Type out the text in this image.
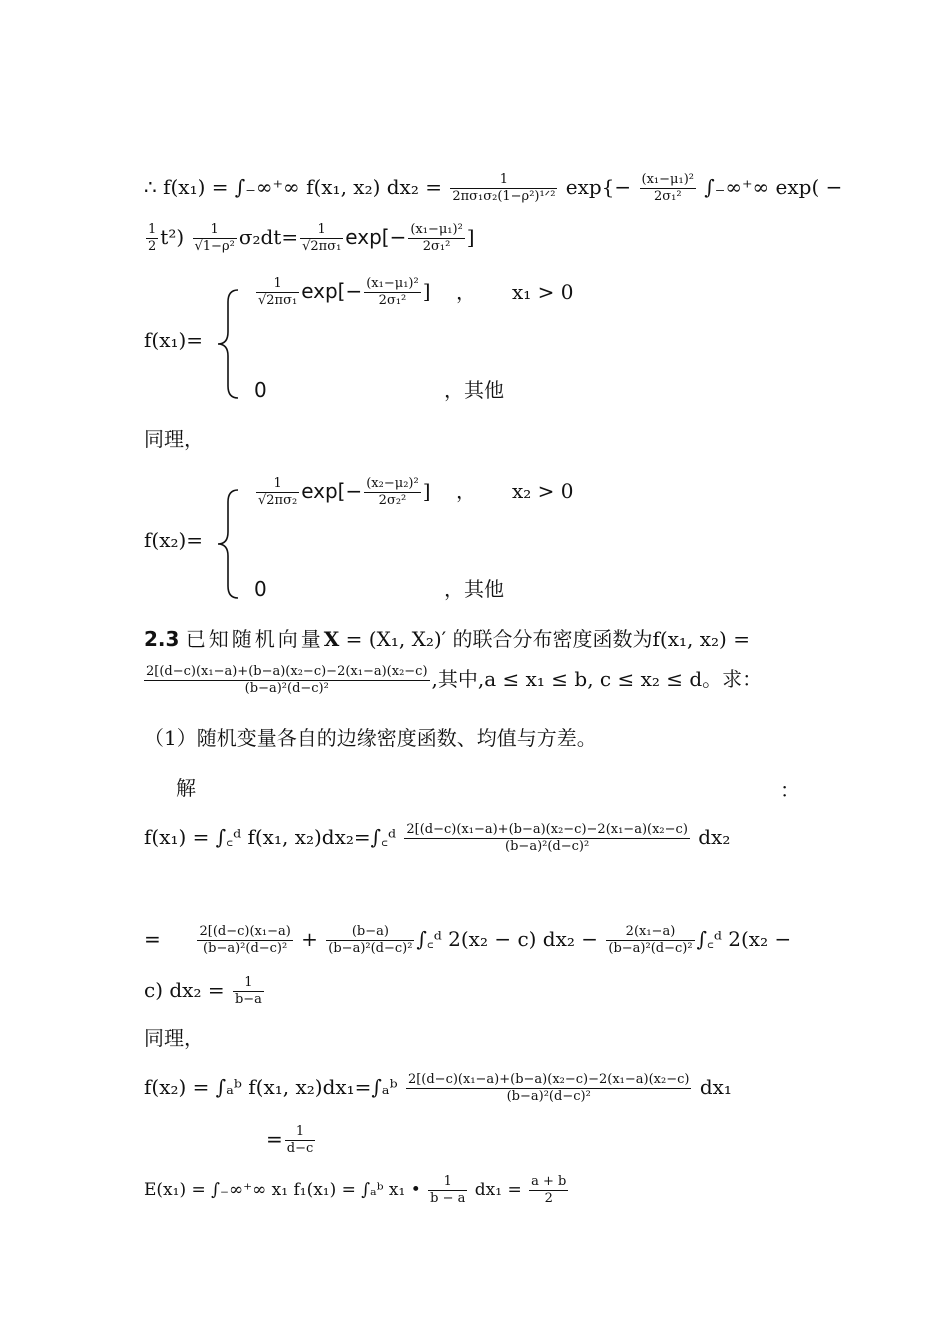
∴ f(x₁) = ∫₋∞⁺∞ f(x₁, x₂) dx₂ =	1
2πσ₁σ₂(1−ρ²)¹ᐟ² $\exp\{- \frac{\text{(x₁−μ₁)²}}{\text{2σ₁²}}$ ∫₋∞⁺∞ exp( −
$\frac{1}{2} t^2) \frac{1}{\text{√1−ρ²}} \sigma_2dt= \frac{1}{\text{√2πσ₁}} \exp[- \frac{\text{(x₁−μ₁)²}}{\text{2σ₁²}}$ ]
$\frac{1}{\text{√2πσ₁}} \exp[- \frac{\text{(x₁−μ₁)²}}{\text{2σ₁²}}$ ] ， x₁ > 0
f(x₁)=
0	，其他
同理，
$\frac{1}{\text{√2πσ₂}} \exp[- \frac{\text{(x₂−μ₂)²}}{\text{2σ₂²}}$ ] ， x₂ > 0
f(x₂)=
0	，其他
2.3 已知随机向量X = (X₁, X₂)′ 的联合分布密度函数为f(x₁, x₂) =
$\frac{\text{2[(d−c)(x₁−a)+(b−a)(x₂−c)−2(x₁−a)(x₂−c)}}{\text{(b−a)²(d−c)²}}$ ,其中,a ≤ x₁ ≤ b, c ≤ x₂ ≤ d。求：
（1）随机变量各自的边缘密度函数、均值与方差。
解	：
f(x₁) = ∫꜀ᵈ f(x₁, x₂)dx₂=∫꜀ᵈ $\frac{\text{2[(d−c)(x₁−a)+(b−a)(x₂−c)−2(x₁−a)(x₂−c)}}{\text{(b−a)²(d−c)²}} dx_2$
=	$\frac{\text{2[(d−c)(x₁−a)}}{\text{(b−a)²(d−c)²}} + \frac{(b-a)}{\text{(b−a)²(d−c)²}}$ ∫꜀ᵈ 2(x₂ − c) $dx_2 - \frac{\text{2(x₁−a)}}{\text{(b−a)²(d−c)²}}$ ∫꜀ᵈ 2(x₂ −
c) $dx_2 = \frac{1}{b-a}$
同理，
f(x₂) = ∫ₐᵇ f(x₁, x₂)dx₁=∫ₐᵇ $\frac{\text{2[(d−c)(x₁−a)+(b−a)(x₂−c)−2(x₁−a)(x₂−c)}}{\text{(b−a)²(d−c)²}} dx_1$
= $\frac{1}{d-c}$
E(x₁) = ∫₋∞⁺∞ x₁ f₁(x₁) = ∫ₐᵇ x₁ • $\frac{1}{b - a} dx_1 = \frac{a + b}{2}$
